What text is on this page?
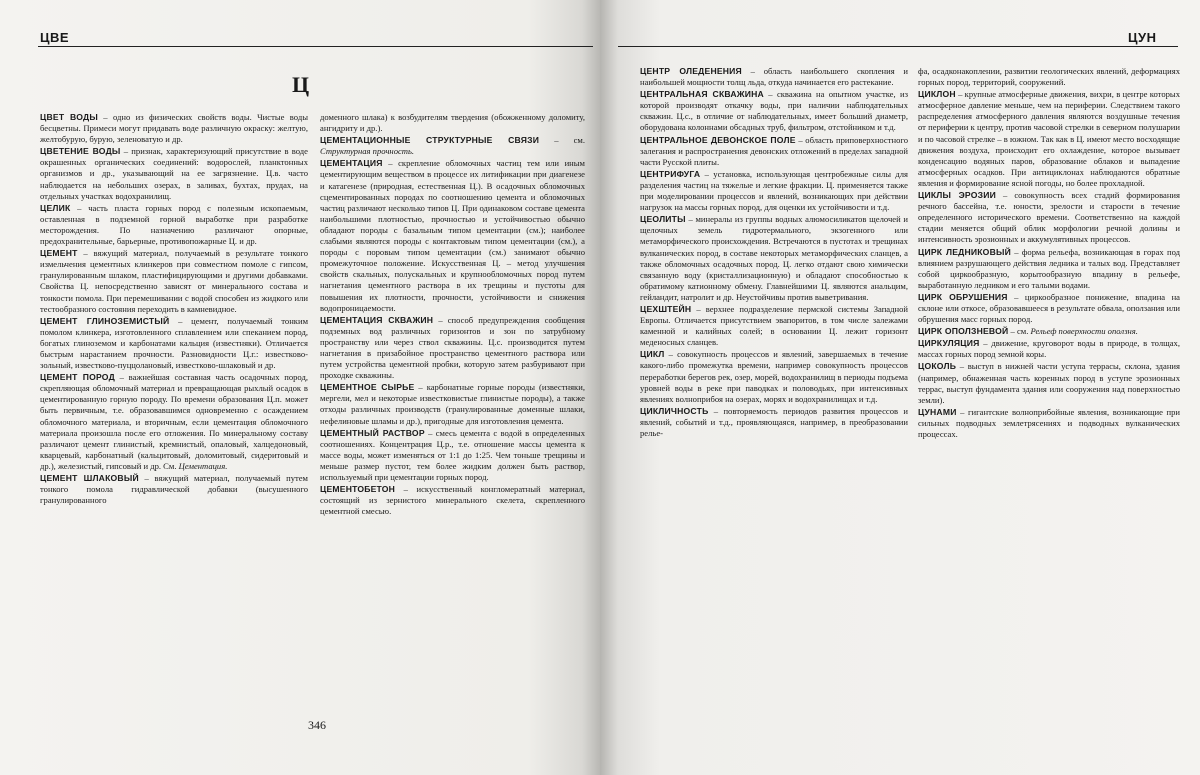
ЦВЕ
Ц

ЦВЕТ ВОДЫ – одно из физических свойств воды. Чистые воды бесцветны. Примеси могут придавать воде различную окраску: желтую, желтобурую, бурую, зеленоватую и др.

ЦВЕТЕНИЕ ВОДЫ – признак, характеризующий присутствие в воде окрашенных органических соединений: водорослей, планктонных организмов и др., указывающий на ее загрязнение. Ц.в. часто наблюдается на небольших озерах, в заливах, бухтах, прудах, на отдельных участках водохранилищ.

ЦЕЛИК – часть пласта горных пород с полезным ископаемым, оставленная в подземной горной выработке при разработке месторождения. По назначению различают опорные, предохранительные, барьерные, противопожарные Ц. и др.

ЦЕМЕНТ – вяжущий материал, получаемый в результате тонкого измельчения цементных клинкеров при совместном помоле с гипсом, гранулированным шлаком, пластифицирующими и другими добавками. Свойства Ц. непосредственно зависят от минерального состава и тонкости помола. При перемешивании с водой способен из жидкого или тестообразного состояния переходить в камневидное.

ЦЕМЕНТ ГЛИНОЗЕМИСТЫЙ – цемент, получаемый тонким помолом клинкера, изготовленного сплавлением или спеканием пород, богатых глиноземом и карбонатами кальция (известняки). Отличается быстрым нарастанием прочности. Разновидности Ц.г.: известково-зольный, известково-пуццолановый, известково-шлаковый и др.

ЦЕМЕНТ ПОРОД – важнейшая составная часть осадочных пород, скрепляющая обломочный материал и превращающая рыхлый осадок в цементированную горную породу. По времени образования Ц.п. может быть первичным, т.е. образовавшимся одновременно с осаждением обломочного материала, и вторичным, если цементация обломочного материала произошла после его отложения. По минеральному составу различают цемент глинистый, кремнистый, опаловый, халцедоновый, кварцевый, карбонатный (кальцитовый, доломитовый, сидеритовый и др.), железистый, гипсовый и др. См. Цементация.

ЦЕМЕНТ ШЛАКОВЫЙ – вяжущий материал, получаемый путем тонкого помола гидравлической добавки (высушенного гранулированного

доменного шлака) к возбудителям твердения (обожженному доломиту, ангидриту и др.).

ЦЕМЕНТАЦИОННЫЕ СТРУКТУРНЫЕ СВЯЗИ – см. Структурная прочность.

ЦЕМЕНТАЦИЯ – скрепление обломочных частиц тем или иным цементирующим веществом в процессе их литификации при диагенезе и катагенезе (природная, естественная Ц.). В осадочных обломочных сцементированных породах по соотношению цемента и обломочных частиц различают несколько типов Ц. При одинаковом составе цемента наибольшими плотностью, прочностью и устойчивостью обычно обладают породы с базальным типом цементации (см.); наиболее слабыми являются породы с контактовым типом цементации (см.), а породы с поровым типом цементации (см.) занимают обычно промежуточное положение. Искусственная Ц. – метод улучшения свойств скальных, полускальных и крупнообломочных пород путем нагнетания цементного раствора в их трещины и пустоты для повышения их плотности, прочности, устойчивости и снижения водопроницаемости.

ЦЕМЕНТАЦИЯ СКВАЖИН – способ предупреждения сообщения подземных вод различных горизонтов и зон по затрубному пространству или через ствол скважины. Ц.с. производится путем нагнетания в призабойное пространство цементного раствора или путем устройства цементной пробки, которую затем разбуривают при проходке скважины.

ЦЕМЕНТНОЕ СЫРЬЕ – карбонатные горные породы (известняки, мергели, мел и некоторые известковистые глинистые породы), а также отходы различных производств (гранулированные доменные шлаки, нефелиновые шламы и др.), пригодные для изготовления цемента.

ЦЕМЕНТНЫЙ РАСТВОР – смесь цемента с водой в определенных соотношениях. Концентрация Ц.р., т.е. отношение массы цемента к массе воды, может изменяться от 1:1 до 1:25. Чем тоньше трещины и меньше размер пустот, тем более жидким должен быть раствор, используемый при цементации горных пород.

ЦЕМЕНТОБЕТОН – искусственный конгломератный материал, состоящий из зернистого минерального скелета, скрепленного цементной смесью.

346
ЦУН

ЦЕНТР ОЛЕДЕНЕНИЯ – область наибольшего скопления и наибольшей мощности толщ льда, откуда начинается его растекание.

ЦЕНТРАЛЬНАЯ СКВАЖИНА – скважина на опытном участке, из которой производят откачку воды, при наличии наблюдательных скважин. Ц.с., в отличие от наблюдательных, имеет больший диаметр, оборудована колоннами обсадных труб, фильтром, отстойником и т.д.

ЦЕНТРАЛЬНОЕ ДЕВОНСКОЕ ПОЛЕ – область приповерхностного залегания и распространения девонских отложений в пределах западной части Русской плиты.

ЦЕНТРИФУГА – установка, использующая центробежные силы для разделения частиц на тяжелые и легкие фракции. Ц. применяется также при моделировании процессов и явлений, возникающих при действии нагрузок на массы горных пород, для оценки их устойчивости и т.д.

ЦЕОЛИТЫ – минералы из группы водных алюмосиликатов щелочей и щелочных земель гидротермального, экзогенного или метаморфического происхождения. Встречаются в пустотах и трещинах вулканических пород, в составе некоторых метаморфических сланцев, а также обломочных осадочных пород. Ц. легко отдают свою химически связанную воду (кристаллизационную) и обладают способностью к обратимому катионному обмену. Главнейшими Ц. являются анальцим, гейландит, натролит и др. Неустойчивы против выветривания.

ЦЕХШТЕЙН – верхнее подразделение пермской системы Западной Европы. Отличается присутствием эвапоритов, в том числе залежами каменной и калийных солей; в основании Ц. лежит горизонт меденосных сланцев.

ЦИКЛ – совокупность процессов и явлений, завершаемых в течение какого-либо промежутка времени, например совокупность процессов переработки берегов рек, озер, морей, водохранилищ в периоды подъема уровней воды в реке при паводках и половодьях, при интенсивных явлениях волноприбоя на озерах, морях и водохранилищах и т.д.

ЦИКЛИЧНОСТЬ – повторяемость периодов развития процессов и явлений, событий и т.д., проявляющаяся, например, в преобразовании релье-

фа, осадконакоплении, развитии геологических явлений, деформациях горных пород, территорий, сооружений.

ЦИКЛОН – крупные атмосферные движения, вихри, в центре которых атмосферное давление меньше, чем на периферии. Следствием такого распределения атмосферного давления являются воздушные течения от периферии к центру, против часовой стрелки в северном полушарии и по часовой стрелке – в южном. Так как в Ц. имеют место восходящие движения воздуха, происходит его охлаждение, которое вызывает конденсацию водяных паров, образование облаков и выпадение атмосферных осадков. При антициклонах наблюдаются обратные явления и формирование ясной погоды, но более прохладной.

ЦИКЛЫ ЭРОЗИИ – совокупность всех стадий формирования речного бассейна, т.е. юности, зрелости и старости в течение определенного исторического времени. Соответственно на каждой стадии меняется общий облик морфологии речной долины и интенсивность эрозионных и аккумулятивных процессов.

ЦИРК ЛЕДНИКОВЫЙ – форма рельефа, возникающая в горах под влиянием разрушающего действия ледника и талых вод. Представляет собой циркообразную, корытообразную впадину в рельефе, выработанную ледником и его талыми водами.

ЦИРК ОБРУШЕНИЯ – циркообразное понижение, впадина на склоне или откосе, образовавшееся в результате обвала, оползания или обрушения масс горных пород.

ЦИРК ОПОЛЗНЕВОЙ – см. Рельеф поверхности оползня.

ЦИРКУЛЯЦИЯ – движение, круговорот воды в природе, в толщах, массах горных пород земной коры.

ЦОКОЛЬ – выступ в нижней части уступа террасы, склона, здания (например, обнаженная часть коренных пород в уступе эрозионных террас, выступ фундамента здания или сооружения над поверхностью земли).

ЦУНАМИ – гигантские волноприбойные явления, возникающие при сильных подводных землетрясениях и подводных вулканических процессах.
